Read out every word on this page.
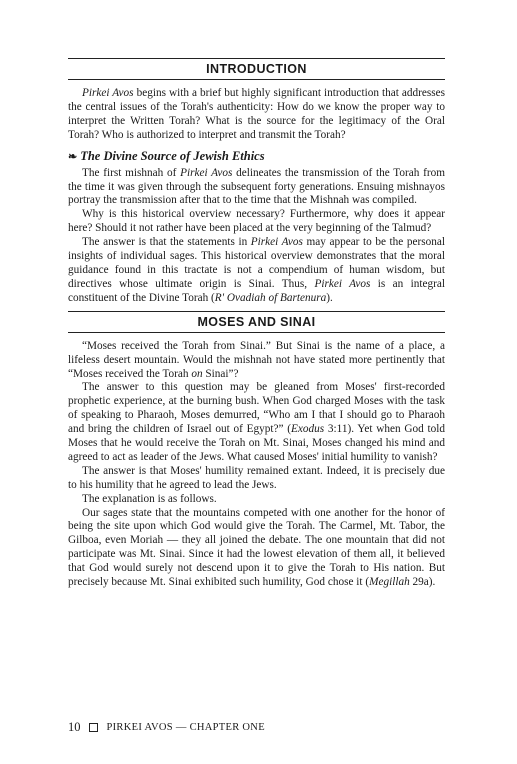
INTRODUCTION

Pirkei Avos begins with a brief but highly significant introduction that addresses the central issues of the Torah's authenticity: How do we know the proper way to interpret the Written Torah? What is the source for the legitimacy of the Oral Torah? Who is authorized to interpret and transmit the Torah?

❧ The Divine Source of Jewish Ethics

The first mishnah of Pirkei Avos delineates the transmission of the Torah from the time it was given through the subsequent forty generations. Ensuing mishnayos portray the transmission after that to the time that the Mishnah was compiled.

Why is this historical overview necessary? Furthermore, why does it appear here? Should it not rather have been placed at the very beginning of the Talmud?

The answer is that the statements in Pirkei Avos may appear to be the personal insights of individual sages. This historical overview demonstrates that the moral guidance found in this tractate is not a compendium of human wisdom, but directives whose ultimate origin is Sinai. Thus, Pirkei Avos is an integral constituent of the Divine Torah (R' Ovadiah of Bartenura).

MOSES AND SINAI

“Moses received the Torah from Sinai.” But Sinai is the name of a place, a lifeless desert mountain. Would the mishnah not have stated more pertinently that “Moses received the Torah on Sinai”?

The answer to this question may be gleaned from Moses' first-recorded prophetic experience, at the burning bush. When God charged Moses with the task of speaking to Pharaoh, Moses demurred, “Who am I that I should go to Pharaoh and bring the children of Israel out of Egypt?” (Exodus 3:11). Yet when God told Moses that he would receive the Torah on Mt. Sinai, Moses changed his mind and agreed to act as leader of the Jews. What caused Moses' initial humility to vanish?

The answer is that Moses' humility remained extant. Indeed, it is precisely due to his humility that he agreed to lead the Jews.

The explanation is as follows.

Our sages state that the mountains competed with one another for the honor of being the site upon which God would give the Torah. The Carmel, Mt. Tabor, the Gilboa, even Moriah — they all joined the debate. The one mountain that did not participate was Mt. Sinai. Since it had the lowest elevation of them all, it believed that God would surely not descend upon it to give the Torah to His nation. But precisely because Mt. Sinai exhibited such humility, God chose it (Megillah 29a).

10 PIRKEI AVOS — CHAPTER ONE
